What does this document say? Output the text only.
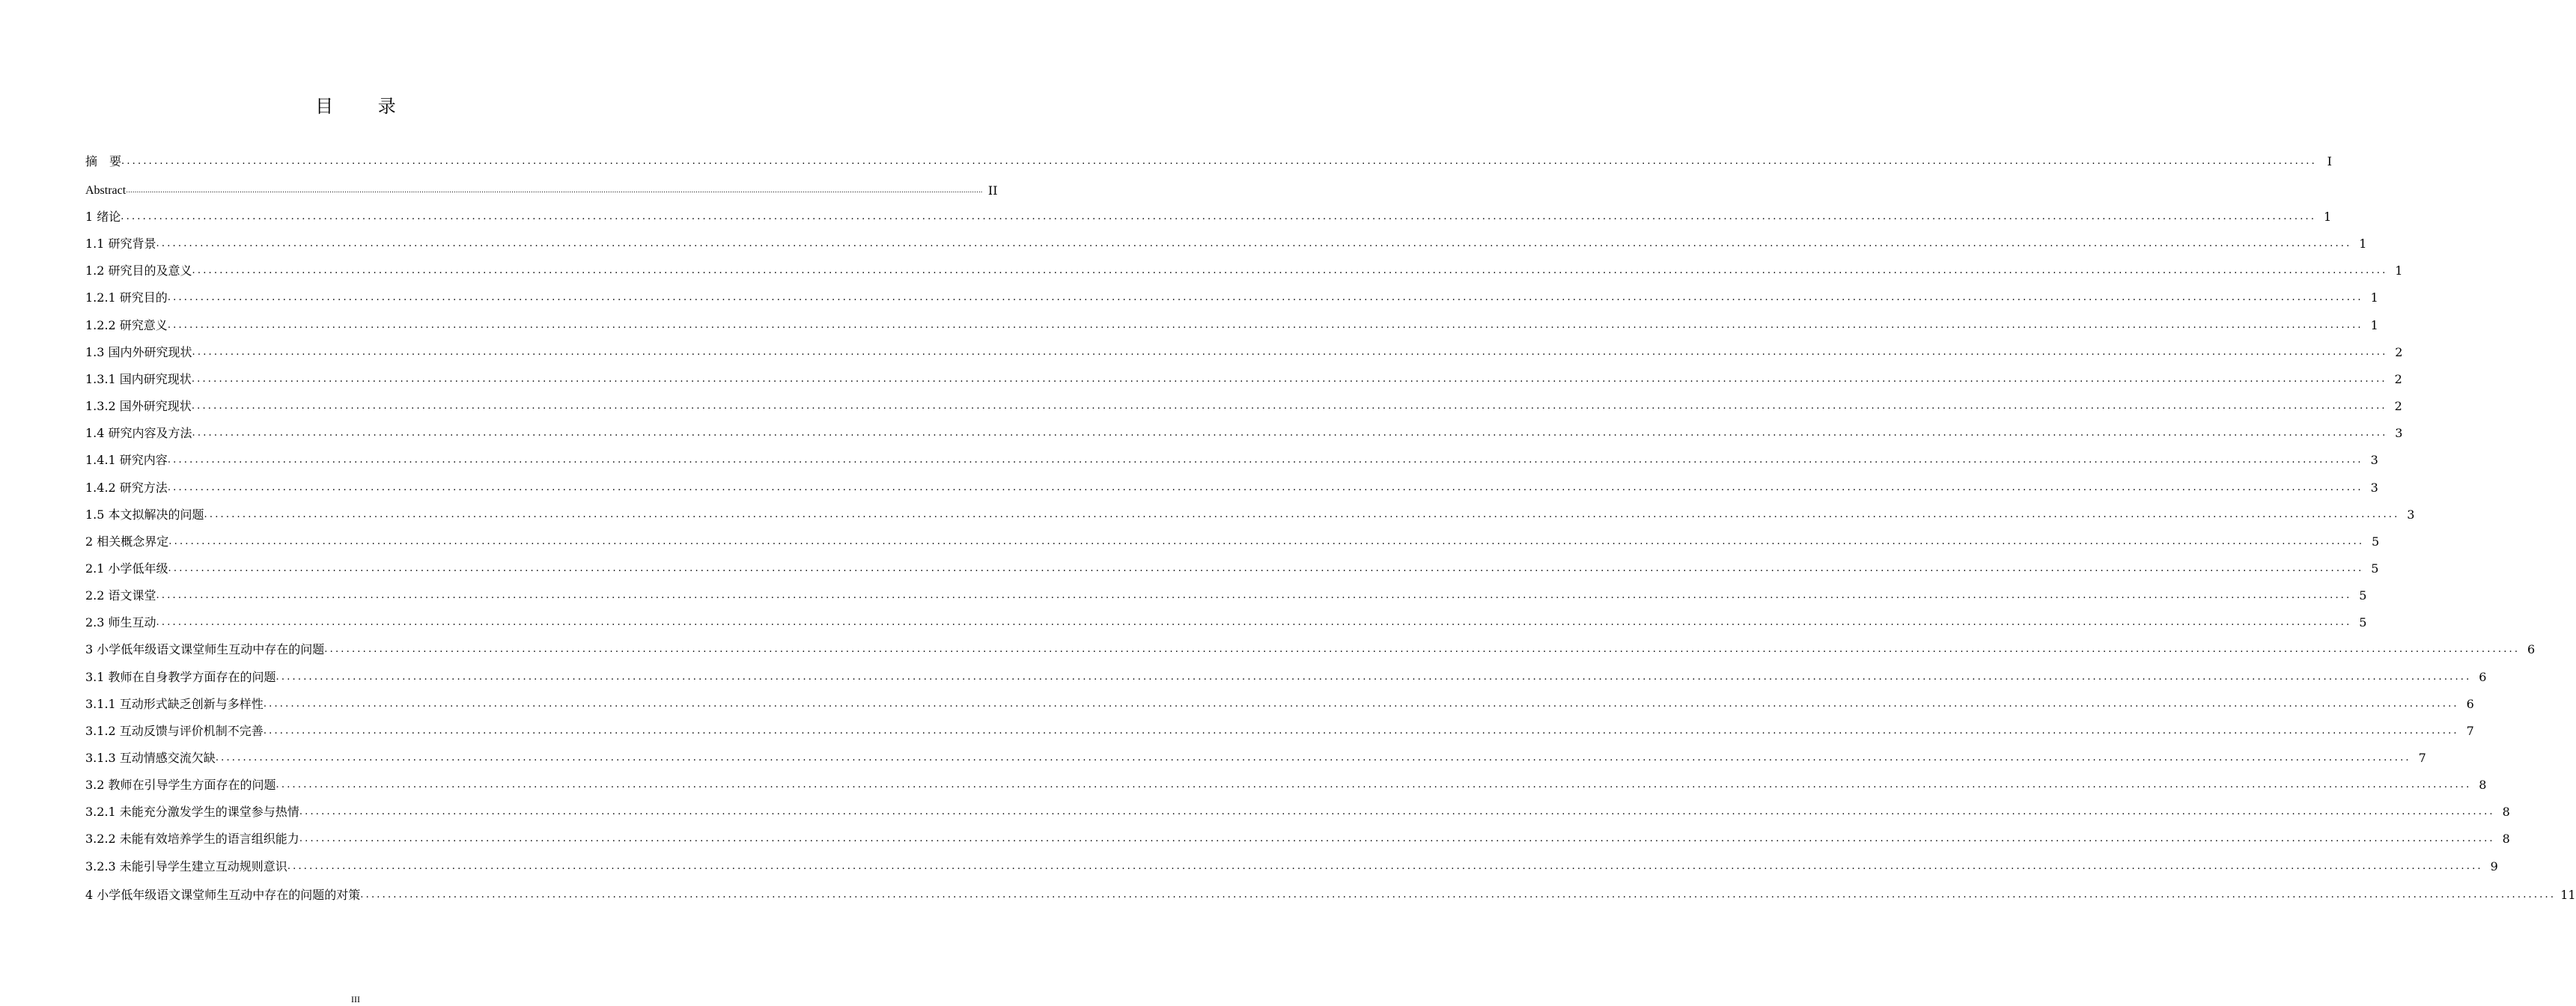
目 录
摘　要 ................................................................................................................................................................................................................................................................................................................................................................................................................ I
Abstract ................................................................................................................................................................................................................................................................................................................................................................................................................ II
1 绪论 ................................................................................................................................................................................................................................................................................................................................................................................................................ 1
1.1 研究背景 ................................................................................................................................................................................................................................................................................................................................................................................................................ 1
1.2 研究目的及意义 ................................................................................................................................................................................................................................................................................................................................................................................................................ 1
1.2.1 研究目的 ................................................................................................................................................................................................................................................................................................................................................................................................................ 1
1.2.2 研究意义 ................................................................................................................................................................................................................................................................................................................................................................................................................ 1
1.3 国内外研究现状 ................................................................................................................................................................................................................................................................................................................................................................................................................ 2
1.3.1 国内研究现状 ................................................................................................................................................................................................................................................................................................................................................................................................................ 2
1.3.2 国外研究现状 ................................................................................................................................................................................................................................................................................................................................................................................................................ 2
1.4 研究内容及方法 ................................................................................................................................................................................................................................................................................................................................................................................................................ 3
1.4.1 研究内容 ................................................................................................................................................................................................................................................................................................................................................................................................................ 3
1.4.2 研究方法 ................................................................................................................................................................................................................................................................................................................................................................................................................ 3
1.5 本文拟解决的问题 ................................................................................................................................................................................................................................................................................................................................................................................................................ 3
2 相关概念界定 ................................................................................................................................................................................................................................................................................................................................................................................................................ 5
2.1 小学低年级 ................................................................................................................................................................................................................................................................................................................................................................................................................ 5
2.2 语文课堂 ................................................................................................................................................................................................................................................................................................................................................................................................................ 5
2.3 师生互动 ................................................................................................................................................................................................................................................................................................................................................................................................................ 5
3 小学低年级语文课堂师生互动中存在的问题 ................................................................................................................................................................................................................................................................................................................................................................................................................ 6
3.1 教师在自身教学方面存在的问题 ................................................................................................................................................................................................................................................................................................................................................................................................................ 6
3.1.1 互动形式缺乏创新与多样性 ................................................................................................................................................................................................................................................................................................................................................................................................................ 6
3.1.2 互动反馈与评价机制不完善 ................................................................................................................................................................................................................................................................................................................................................................................................................ 7
3.1.3 互动情感交流欠缺 ................................................................................................................................................................................................................................................................................................................................................................................................................ 7
3.2 教师在引导学生方面存在的问题 ................................................................................................................................................................................................................................................................................................................................................................................................................ 8
3.2.1 未能充分激发学生的课堂参与热情 ................................................................................................................................................................................................................................................................................................................................................................................................................ 8
3.2.2 未能有效培养学生的语言组织能力 ................................................................................................................................................................................................................................................................................................................................................................................................................ 8
3.2.3 未能引导学生建立互动规则意识 ................................................................................................................................................................................................................................................................................................................................................................................................................ 9
4 小学低年级语文课堂师生互动中存在的问题的对策 ................................................................................................................................................................................................................................................................................................................................................................................................................ 11
III
